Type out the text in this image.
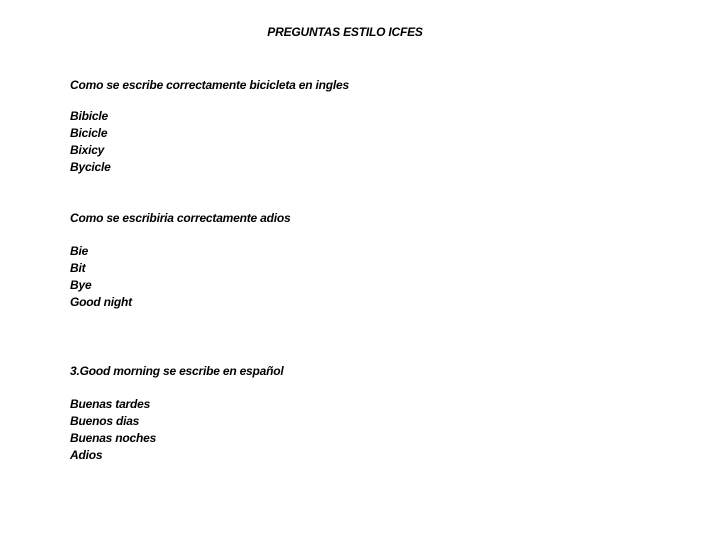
PREGUNTAS ESTILO ICFES
Como se escribe correctamente bicicleta en ingles
Bibicle
Bicicle
Bixicy
Bycicle
Como se escribiria correctamente adios
Bie
Bit
Bye
Good night
3.Good morning se escribe en español
Buenas tardes
Buenos dias
Buenas noches
Adios
